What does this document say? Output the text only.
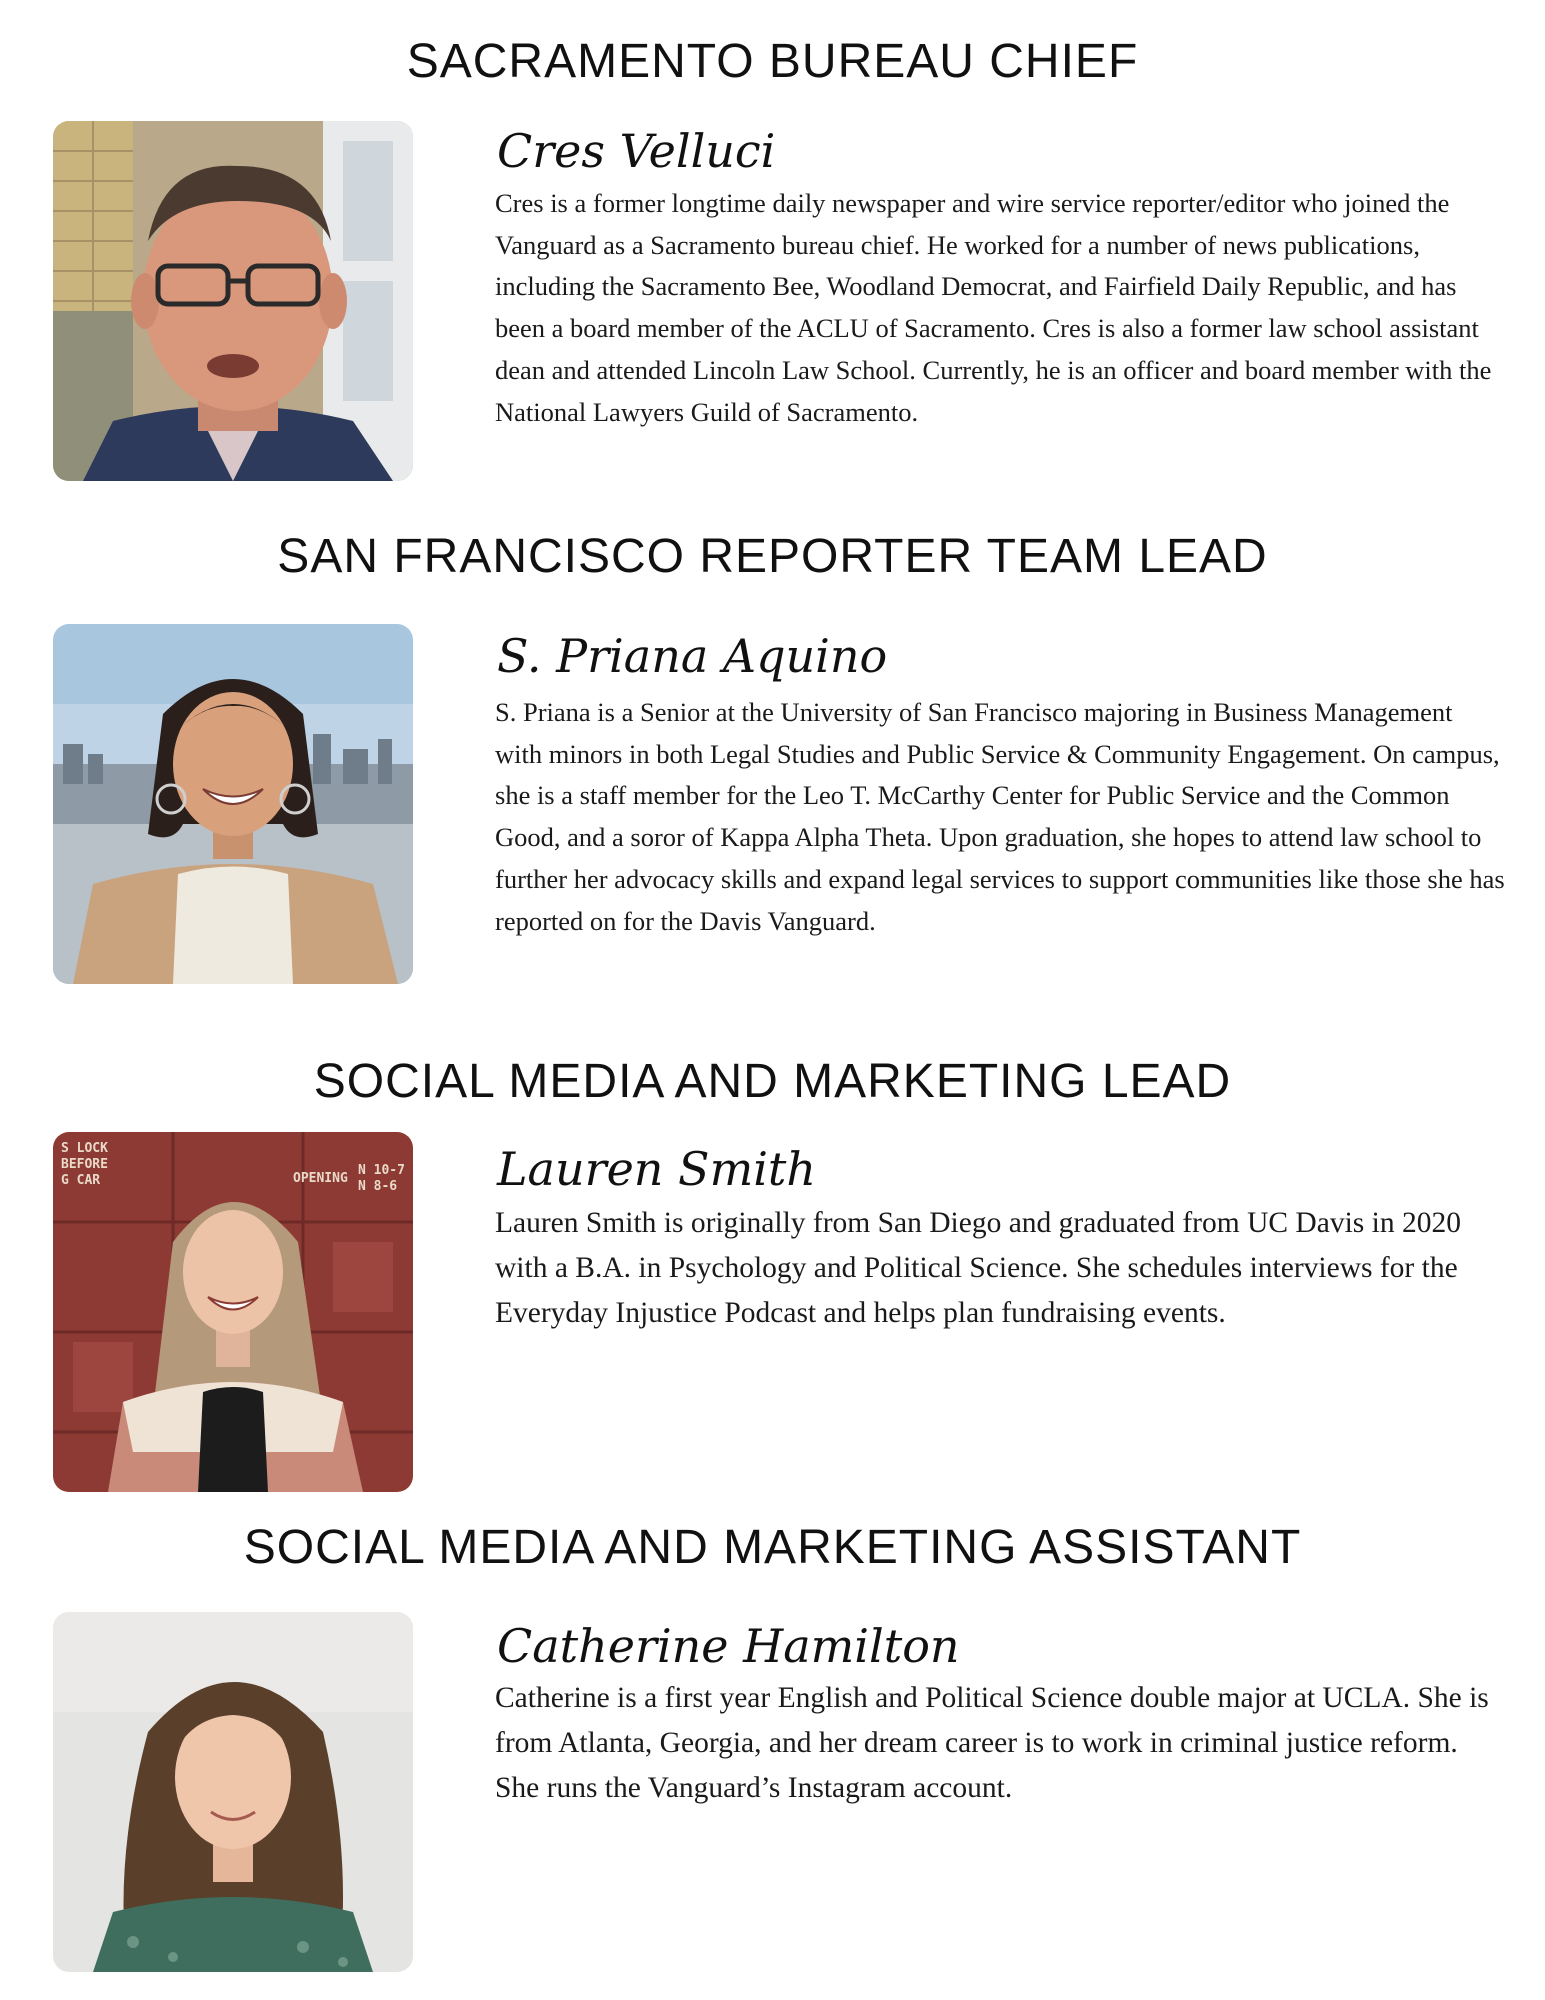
SACRAMENTO BUREAU CHIEF
Cres Velluci

Cres is a former longtime daily newspaper and wire service reporter/editor who joined the Vanguard as a Sacramento bureau chief. He worked for a number of news publications, including the Sacramento Bee, Woodland Democrat, and Fairfield Daily Republic, and has been a board member of the ACLU of Sacramento. Cres is also a former law school assistant dean and attended Lincoln Law School. Currently, he is an officer and board member with the National Lawyers Guild of Sacramento.

SAN FRANCISCO REPORTER TEAM LEAD
S. Priana Aquino

S. Priana is a Senior at the University of San Francisco majoring in Business Management with minors in both Legal Studies and Public Service & Community Engagement. On campus, she is a staff member for the Leo T. McCarthy Center for Public Service and the Common Good, and a soror of Kappa Alpha Theta. Upon graduation, she hopes to attend law school to further her advocacy skills and expand legal services to support communities like those she has reported on for the Davis Vanguard.

SOCIAL MEDIA AND MARKETING LEAD
S LOCK
BEFORE
G CAR	OPENING
N 10-7
N 8-6 Lauren Smith

Lauren Smith is originally from San Diego and graduated from UC Davis in 2020 with a B.A. in Psychology and Political Science. She schedules interviews for the Everyday Injustice Podcast and helps plan fundraising events.

SOCIAL MEDIA AND MARKETING ASSISTANT
Catherine Hamilton

Catherine is a first year English and Political Science double major at UCLA. She is from Atlanta, Georgia, and her dream career is to work in criminal justice reform. She runs the Vanguard’s Instagram account.
